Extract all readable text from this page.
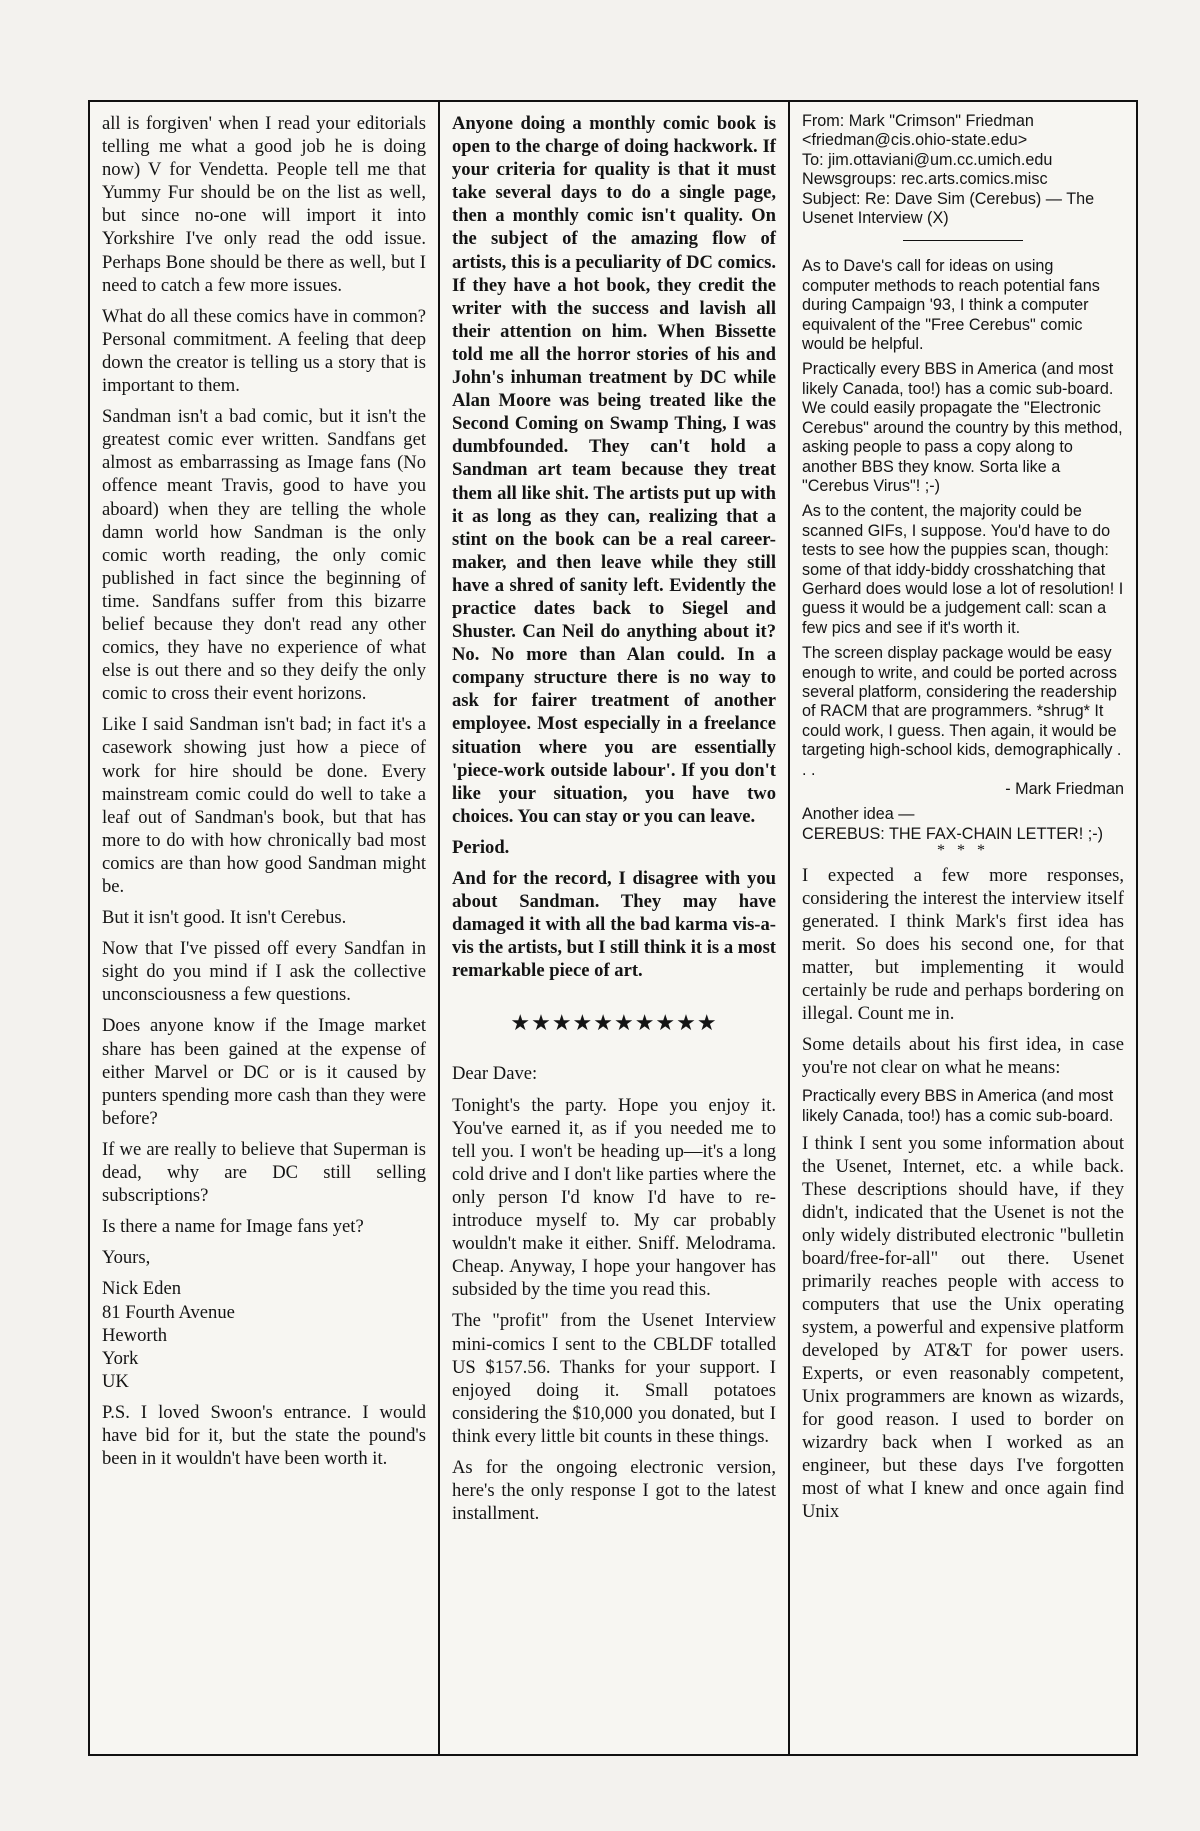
all is forgiven' when I read your editorials telling me what a good job he is doing now) V for Vendetta. People tell me that Yummy Fur should be on the list as well, but since no-one will import it into Yorkshire I've only read the odd issue. Perhaps Bone should be there as well, but I need to catch a few more issues.

What do all these comics have in common? Personal commitment. A feeling that deep down the creator is telling us a story that is important to them.

Sandman isn't a bad comic, but it isn't the greatest comic ever written. Sandfans get almost as embarrassing as Image fans (No offence meant Travis, good to have you aboard) when they are telling the whole damn world how Sandman is the only comic worth reading, the only comic published in fact since the beginning of time. Sandfans suffer from this bizarre belief because they don't read any other comics, they have no experience of what else is out there and so they deify the only comic to cross their event horizons.

Like I said Sandman isn't bad; in fact it's a casework showing just how a piece of work for hire should be done. Every mainstream comic could do well to take a leaf out of Sandman's book, but that has more to do with how chronically bad most comics are than how good Sandman might be.

But it isn't good. It isn't Cerebus.

Now that I've pissed off every Sandfan in sight do you mind if I ask the collective unconsciousness a few questions.

Does anyone know if the Image market share has been gained at the expense of either Marvel or DC or is it caused by punters spending more cash than they were before?

If we are really to believe that Superman is dead, why are DC still selling subscriptions?

Is there a name for Image fans yet?

Yours,

Nick Eden

81 Fourth Avenue

Heworth

York

UK

P.S. I loved Swoon's entrance. I would have bid for it, but the state the pound's been in it wouldn't have been worth it.

Anyone doing a monthly comic book is open to the charge of doing hackwork. If your criteria for quality is that it must take several days to do a single page, then a monthly comic isn't quality. On the subject of the amazing flow of artists, this is a peculiarity of DC comics. If they have a hot book, they credit the writer with the success and lavish all their attention on him. When Bissette told me all the horror stories of his and John's inhuman treatment by DC while Alan Moore was being treated like the Second Coming on Swamp Thing, I was dumbfounded. They can't hold a Sandman art team because they treat them all like shit. The artists put up with it as long as they can, realizing that a stint on the book can be a real career-maker, and then leave while they still have a shred of sanity left. Evidently the practice dates back to Siegel and Shuster. Can Neil do anything about it? No. No more than Alan could. In a company structure there is no way to ask for fairer treatment of another employee. Most especially in a freelance situation where you are essentially 'piece-work outside labour'. If you don't like your situation, you have two choices. You can stay or you can leave.

Period.

And for the record, I disagree with you about Sandman. They may have damaged it with all the bad karma vis-a-vis the artists, but I still think it is a most remarkable piece of art.

★★★★★★★★★★

Dear Dave:

Tonight's the party. Hope you enjoy it. You've earned it, as if you needed me to tell you. I won't be heading up—it's a long cold drive and I don't like parties where the only person I'd know I'd have to re-introduce myself to. My car probably wouldn't make it either. Sniff. Melodrama. Cheap. Anyway, I hope your hangover has subsided by the time you read this.

The "profit" from the Usenet Interview mini-comics I sent to the CBLDF totalled US $157.56. Thanks for your support. I enjoyed doing it. Small potatoes considering the $10,000 you donated, but I think every little bit counts in these things.

As for the ongoing electronic version, here's the only response I got to the latest installment.

From: Mark "Crimson" Friedman

<friedman@cis.ohio-state.edu>

To: jim.ottaviani@um.cc.umich.edu

Newsgroups: rec.arts.comics.misc

Subject: Re: Dave Sim (Cerebus) — The Usenet Interview (X)

As to Dave's call for ideas on using computer methods to reach potential fans during Campaign '93, I think a computer equivalent of the "Free Cerebus" comic would be helpful.

Practically every BBS in America (and most likely Canada, too!) has a comic sub-board. We could easily propagate the "Electronic Cerebus" around the country by this method, asking people to pass a copy along to another BBS they know. Sorta like a "Cerebus Virus"! ;-)

As to the content, the majority could be scanned GIFs, I suppose. You'd have to do tests to see how the puppies scan, though: some of that iddy-biddy crosshatching that Gerhard does would lose a lot of resolution! I guess it would be a judgement call: scan a few pics and see if it's worth it.

The screen display package would be easy enough to write, and could be ported across several platform, considering the readership of RACM that are programmers. *shrug* It could work, I guess. Then again, it would be targeting high-school kids, demographically . . .

- Mark Friedman

Another idea —

CEREBUS: THE FAX-CHAIN LETTER! ;-)

* * *

I expected a few more responses, considering the interest the interview itself generated. I think Mark's first idea has merit. So does his second one, for that matter, but implementing it would certainly be rude and perhaps bordering on illegal. Count me in.

Some details about his first idea, in case you're not clear on what he means:

Practically every BBS in America (and most likely Canada, too!) has a comic sub-board.

I think I sent you some information about the Usenet, Internet, etc. a while back. These descriptions should have, if they didn't, indicated that the Usenet is not the only widely distributed electronic "bulletin board/free-for-all" out there. Usenet primarily reaches people with access to computers that use the Unix operating system, a powerful and expensive platform developed by AT&T for power users. Experts, or even reasonably competent, Unix programmers are known as wizards, for good reason. I used to border on wizardry back when I worked as an engineer, but these days I've forgotten most of what I knew and once again find Unix
